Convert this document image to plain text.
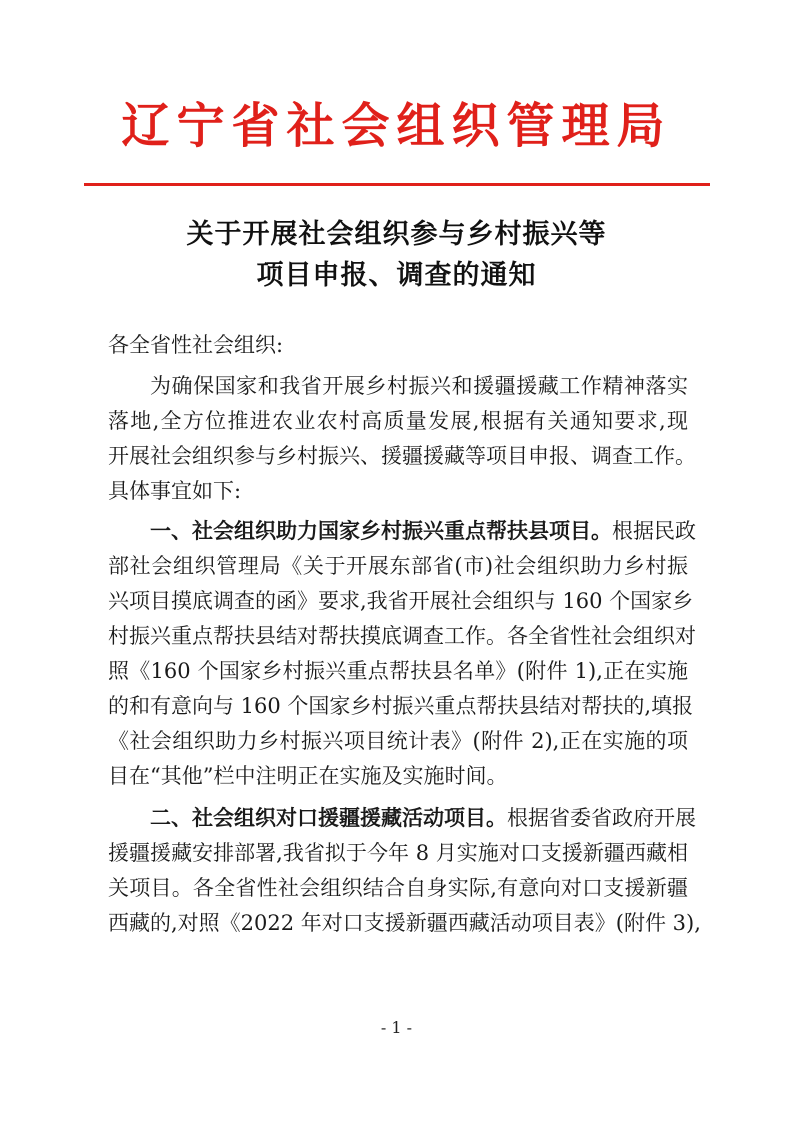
辽宁省社会组织管理局
关于开展社会组织参与乡村振兴等
项目申报、调查的通知
各全省性社会组织:
为确保国家和我省开展乡村振兴和援疆援藏工作精神落实
落地,全方位推进农业农村高质量发展,根据有关通知要求,现
开展社会组织参与乡村振兴、援疆援藏等项目申报、调查工作。
具体事宜如下:
一、社会组织助力国家乡村振兴重点帮扶县项目。根据民政
部社会组织管理局《关于开展东部省(市)社会组织助力乡村振
兴项目摸底调查的函》要求,我省开展社会组织与 160 个国家乡
村振兴重点帮扶县结对帮扶摸底调查工作。各全省性社会组织对
照《160 个国家乡村振兴重点帮扶县名单》(附件 1),正在实施
的和有意向与 160 个国家乡村振兴重点帮扶县结对帮扶的,填报
《社会组织助力乡村振兴项目统计表》(附件 2),正在实施的项
目在“其他”栏中注明正在实施及实施时间。
二、社会组织对口援疆援藏活动项目。根据省委省政府开展
援疆援藏安排部署,我省拟于今年 8 月实施对口支援新疆西藏相
关项目。各全省性社会组织结合自身实际,有意向对口支援新疆
西藏的,对照《2022 年对口支援新疆西藏活动项目表》(附件 3),
- 1 -
